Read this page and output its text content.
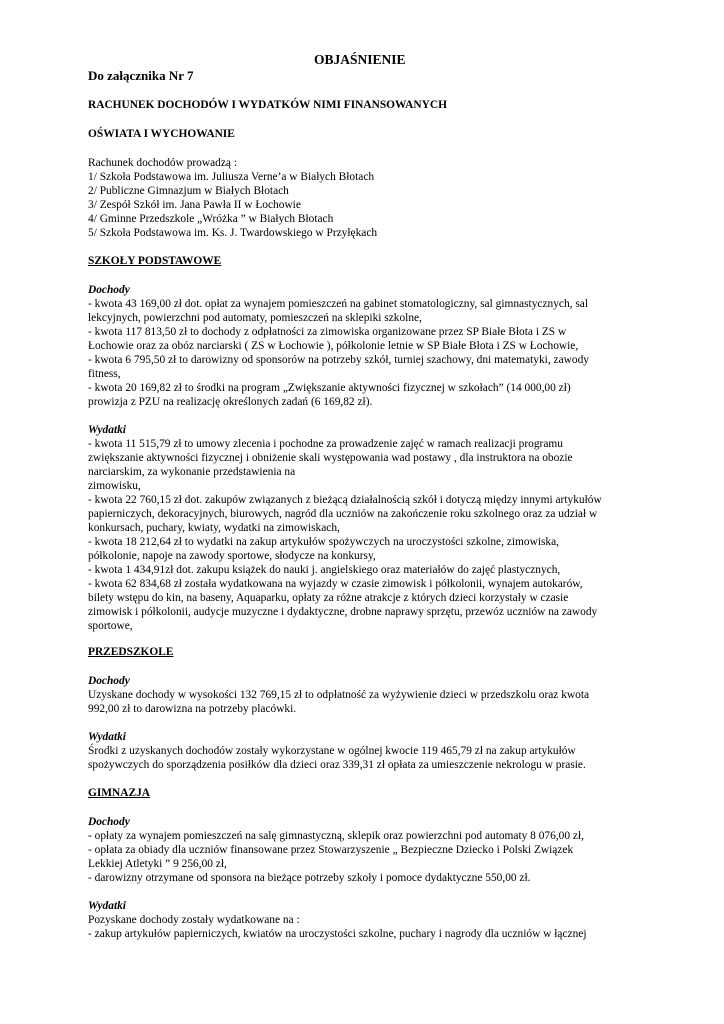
OBJAŚNIENIE
Do załącznika Nr 7
RACHUNEK DOCHODÓW I WYDATKÓW NIMI FINANSOWANYCH
OŚWIATA I WYCHOWANIE
Rachunek dochodów prowadzą :
1/ Szkoła Podstawowa im. Juliusza Verne’a w Białych Błotach
2/ Publiczne Gimnazjum w Białych Błotach
3/ Zespół Szkół im. Jana Pawła II w Łochowie
4/ Gminne Przedszkole „Wróżka ” w Białych Błotach
5/ Szkoła Podstawowa im. Ks. J. Twardowskiego w Przyłękach
SZKOŁY PODSTAWOWE
Dochody
- kwota 43 169,00 zł dot. opłat za wynajem pomieszczeń na gabinet stomatologiczny, sal gimnastycznych, sal
lekcyjnych, powierzchni pod automaty, pomieszczeń na sklepiki szkolne,
- kwota 117 813,50 zł to dochody z odpłatności za zimowiska organizowane przez SP Białe Błota i ZS w
Łochowie oraz za obóz narciarski ( ZS w Łochowie ), półkolonie letnie w SP Białe Błota i ZS w Łochowie,
- kwota 6 795,50 zł to darowizny od sponsorów na potrzeby szkół, turniej szachowy, dni matematyki, zawody
fitness,
- kwota 20 169,82 zł to środki na program „Zwiększanie aktywności fizycznej w szkołach” (14 000,00 zł)
prowizja z PZU na realizację określonych zadań (6 169,82 zł).
Wydatki
- kwota 11 515,79 zł to umowy zlecenia i pochodne za prowadzenie zajęć w ramach realizacji programu
zwiększanie aktywności fizycznej i obniżenie skali występowania wad postawy , dla instruktora na obozie
narciarskim, za wykonanie przedstawienia na
zimowisku,
- kwota 22 760,15 zł dot. zakupów związanych z bieżącą działalnością szkół i dotyczą między innymi artykułów
papierniczych, dekoracyjnych, biurowych, nagród dla uczniów na zakończenie roku szkolnego oraz za udział w
konkursach, puchary, kwiaty, wydatki na zimowiskach,
- kwota 18 212,64 zł to wydatki na zakup artykułów spożywczych na uroczystości szkolne, zimowiska,
półkolonie, napoje na zawody sportowe, słodycze na konkursy,
- kwota 1 434,91zł dot. zakupu książek do nauki j. angielskiego oraz materiałów do zajęć plastycznych,
- kwota 62 834,68 zł została wydatkowana na wyjazdy w czasie zimowisk i półkolonii, wynajem autokarów,
bilety wstępu do kin, na baseny, Aquaparku, opłaty za różne atrakcje z których dzieci korzystały w czasie
zimowisk i półkolonii, audycje muzyczne i dydaktyczne, drobne naprawy sprzętu, przewóz uczniów na zawody
sportowe,
PRZEDSZKOLE
Dochody
Uzyskane dochody w wysokości 132 769,15 zł to odpłatność za wyżywienie dzieci w przedszkolu oraz kwota
992,00 zł to darowizna na potrzeby placówki.
Wydatki
Środki z uzyskanych dochodów zostały wykorzystane w ogólnej kwocie 119 465,79 zł na zakup artykułów
spożywczych do sporządzenia posiłków dla dzieci oraz 339,31 zł opłata za umieszczenie nekrologu w prasie.
GIMNAZJA
Dochody
- opłaty za wynajem pomieszczeń na salę gimnastyczną, sklepik oraz powierzchni pod automaty 8 076,00 zł,
- opłata za obiady dla uczniów finansowane przez Stowarzyszenie „ Bezpieczne Dziecko i Polski Związek
Lekkiej Atletyki ” 9 256,00 zł,
- darowizny otrzymane od sponsora na bieżące potrzeby szkoły i pomoce dydaktyczne 550,00 zł.
Wydatki
Pozyskane dochody zostały wydatkowane na :
- zakup artykułów papierniczych, kwiatów na uroczystości szkolne, puchary i nagrody dla uczniów w łącznej
